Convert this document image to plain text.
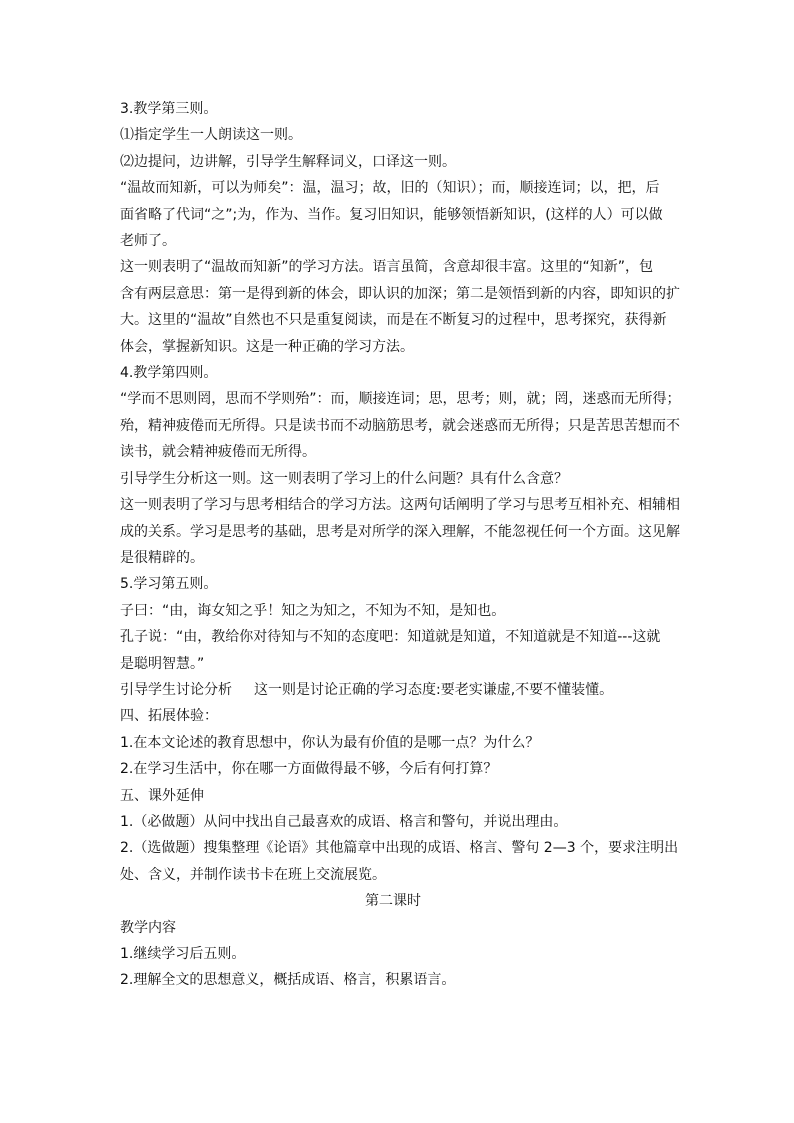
3.教学第三则。
⑴指定学生一人朗读这一则。
⑵边提问，边讲解，引导学生解释词义，口译这一则。
“温故而知新，可以为师矣”：温，温习；故，旧的（知识）；而，顺接连词；以，把，后
面省略了代词“之”;为，作为、当作。复习旧知识，能够领悟新知识，(这样的人）可以做
老师了。
这一则表明了“温故而知新”的学习方法。语言虽简，含意却很丰富。这里的“知新”，包
含有两层意思：第一是得到新的体会，即认识的加深；第二是领悟到新的内容，即知识的扩
大。这里的“温故”自然也不只是重复阅读，而是在不断复习的过程中，思考探究，获得新
体会，掌握新知识。这是一种正确的学习方法。
4.教学第四则。
“学而不思则罔，思而不学则殆”：而，顺接连词；思，思考；则，就；罔，迷惑而无所得；
殆，精神疲倦而无所得。只是读书而不动脑筋思考，就会迷惑而无所得；只是苦思苦想而不
读书，就会精神疲倦而无所得。
引导学生分析这一则。这一则表明了学习上的什么问题？具有什么含意？
这一则表明了学习与思考相结合的学习方法。这两句话阐明了学习与思考互相补充、相辅相
成的关系。学习是思考的基础，思考是对所学的深入理解，不能忽视任何一个方面。这见解
是很精辟的。
5.学习第五则。
子曰：“由，诲女知之乎！知之为知之，不知为不知，是知也。
孔子说：“由，教给你对待知与不知的态度吧：知道就是知道，不知道就是不知道---这就
是聪明智慧。”
引导学生讨论分析 这一则是讨论正确的学习态度:要老实谦虚,不要不懂装懂。
四、拓展体验：
1.在本文论述的教育思想中，你认为最有价值的是哪一点？为什么？
2.在学习生活中，你在哪一方面做得最不够，今后有何打算？
五、课外延伸
1.（必做题）从问中找出自己最喜欢的成语、格言和警句，并说出理由。
2.（选做题）搜集整理《论语》其他篇章中出现的成语、格言、警句 2—3 个，要求注明出
处、含义，并制作读书卡在班上交流展览。
第二课时
教学内容
1.继续学习后五则。
2.理解全文的思想意义，概括成语、格言，积累语言。
